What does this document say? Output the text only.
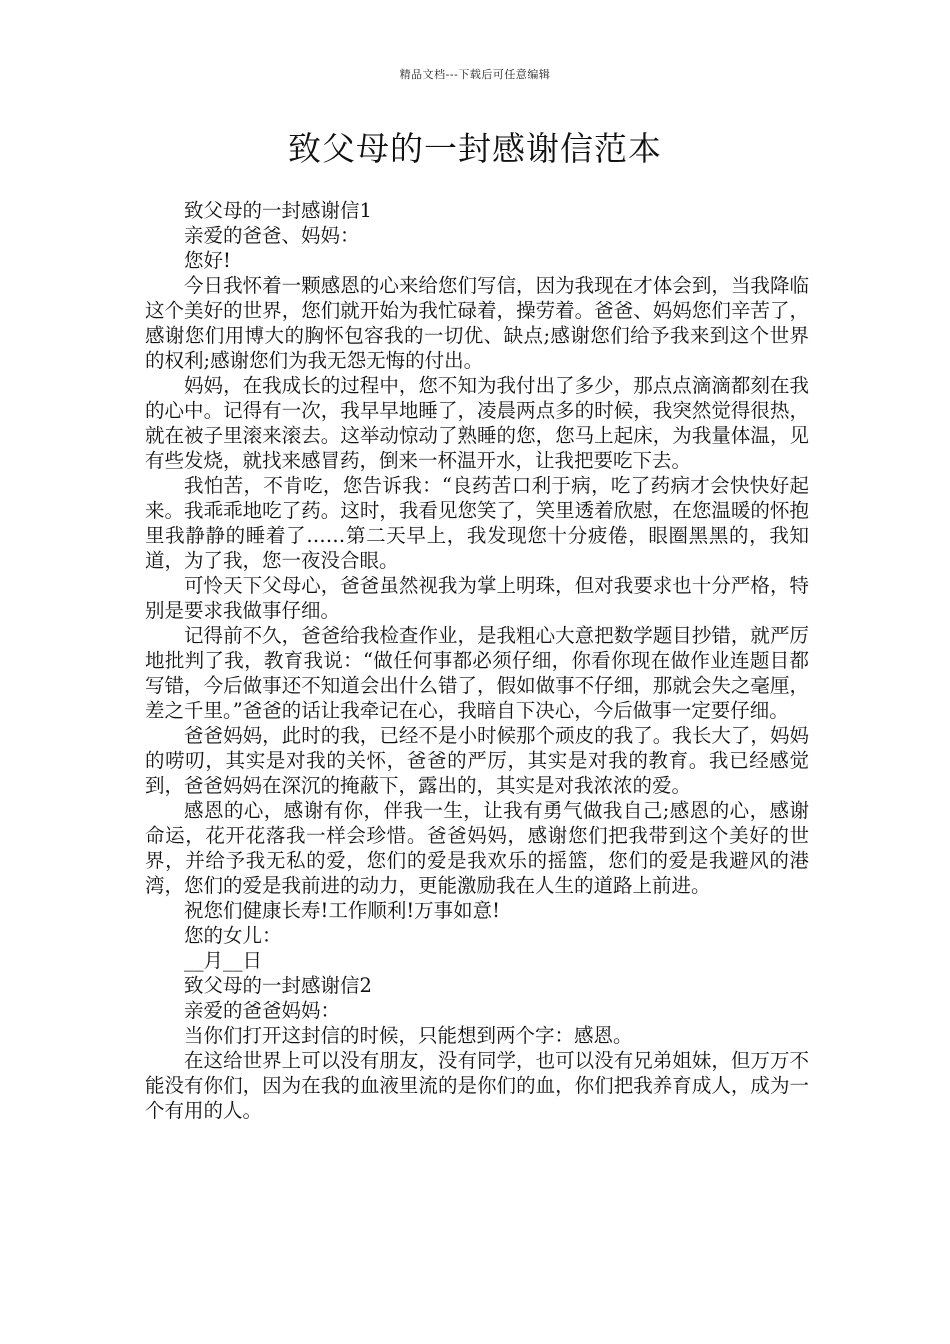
精品文档---下载后可任意编辑
致父母的一封感谢信范本

致父母的一封感谢信1

亲爱的爸爸、妈妈：

您好!

今日我怀着一颗感恩的心来给您们写信，因为我现在才体会到，当我降临这个美好的世界，您们就开始为我忙碌着，操劳着。爸爸、妈妈您们辛苦了，感谢您们用博大的胸怀包容我的一切优、缺点;感谢您们给予我来到这个世界的权利;感谢您们为我无怨无悔的付出。

妈妈，在我成长的过程中，您不知为我付出了多少，那点点滴滴都刻在我的心中。记得有一次，我早早地睡了，凌晨两点多的时候，我突然觉得很热，就在被子里滚来滚去。这举动惊动了熟睡的您，您马上起床，为我量体温，见有些发烧，就找来感冒药，倒来一杯温开水，让我把要吃下去。

我怕苦，不肯吃，您告诉我：“良药苦口利于病，吃了药病才会快快好起来。我乖乖地吃了药。这时，我看见您笑了，笑里透着欣慰，在您温暖的怀抱里我静静的睡着了……第二天早上，我发现您十分疲倦，眼圈黑黑的，我知道，为了我，您一夜没合眼。

可怜天下父母心，爸爸虽然视我为掌上明珠，但对我要求也十分严格，特别是要求我做事仔细。

记得前不久，爸爸给我检查作业，是我粗心大意把数学题目抄错，就严厉地批判了我，教育我说：“做任何事都必须仔细，你看你现在做作业连题目都写错，今后做事还不知道会出什么错了，假如做事不仔细，那就会失之毫厘，差之千里。”爸爸的话让我牵记在心，我暗自下决心，今后做事一定要仔细。

爸爸妈妈，此时的我，已经不是小时候那个顽皮的我了。我长大了，妈妈的唠叨，其实是对我的关怀，爸爸的严厉，其实是对我的教育。我已经感觉到，爸爸妈妈在深沉的掩蔽下，露出的，其实是对我浓浓的爱。

感恩的心，感谢有你，伴我一生，让我有勇气做我自己;感恩的心，感谢命运，花开花落我一样会珍惜。爸爸妈妈，感谢您们把我带到这个美好的世界，并给予我无私的爱，您们的爱是我欢乐的摇篮，您们的爱是我避风的港湾，您们的爱是我前进的动力，更能激励我在人生的道路上前进。

祝您们健康长寿!工作顺利!万事如意!

您的女儿：

__月__日

致父母的一封感谢信2

亲爱的爸爸妈妈：

当你们打开这封信的时候，只能想到两个字：感恩。

在这给世界上可以没有朋友，没有同学，也可以没有兄弟姐妹，但万万不能没有你们，因为在我的血液里流的是你们的血，你们把我养育成人，成为一个有用的人。
